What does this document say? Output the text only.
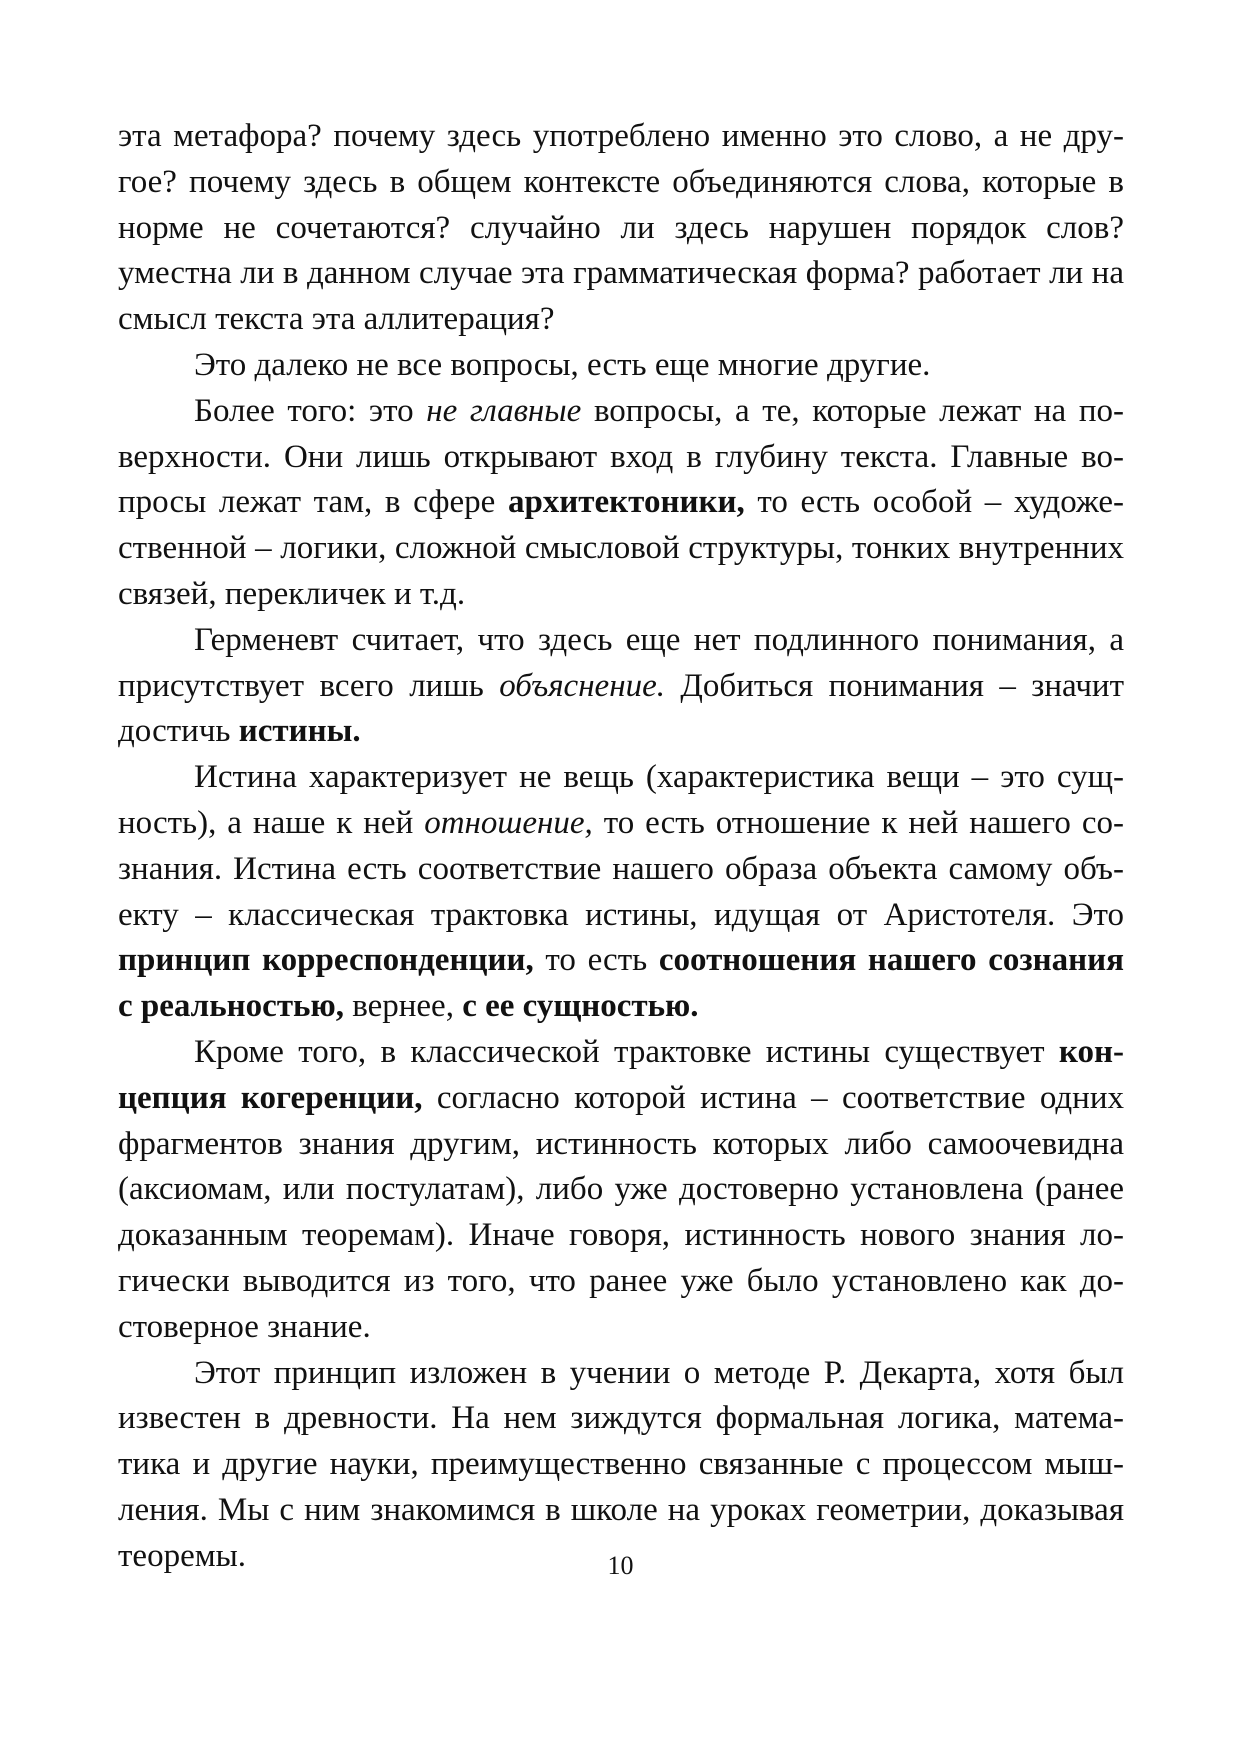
эта метафора? почему здесь употреблено именно это слово, а не другое? почему здесь в общем контексте объединяются слова, которые в норме не сочетаются? случайно ли здесь нарушен порядок слов? уместна ли в данном случае эта грамматическая форма? работает ли на смысл текста эта аллитерация?

Это далеко не все вопросы, есть еще многие другие.

Более того: это не главные вопросы, а те, которые лежат на поверхности. Они лишь открывают вход в глубину текста. Главные вопросы лежат там, в сфере архитектоники, то есть особой – художественной – логики, сложной смысловой структуры, тонких внутренних связей, перекличек и т.д.

Герменевт считает, что здесь еще нет подлинного понимания, а присутствует всего лишь объяснение. Добиться понимания – значит достичь истины.

Истина характеризует не вещь (характеристика вещи – это сущность), а наше к ней отношение, то есть отношение к ней нашего сознания. Истина есть соответствие нашего образа объекта самому объекту – классическая трактовка истины, идущая от Аристотеля. Это принцип корреспонденции, то есть соотношения нашего сознания с реальностью, вернее, с ее сущностью.

Кроме того, в классической трактовке истины существует концепция когеренции, согласно которой истина – соответствие одних фрагментов знания другим, истинность которых либо самоочевидна (аксиомам, или постулатам), либо уже достоверно установлена (ранее доказанным теоремам). Иначе говоря, истинность нового знания логически выводится из того, что ранее уже было установлено как достоверное знание.

Этот принцип изложен в учении о методе Р. Декарта, хотя был известен в древности. На нем зиждутся формальная логика, математика и другие науки, преимущественно связанные с процессом мышления. Мы с ним знакомимся в школе на уроках геометрии, доказывая теоремы.	10
